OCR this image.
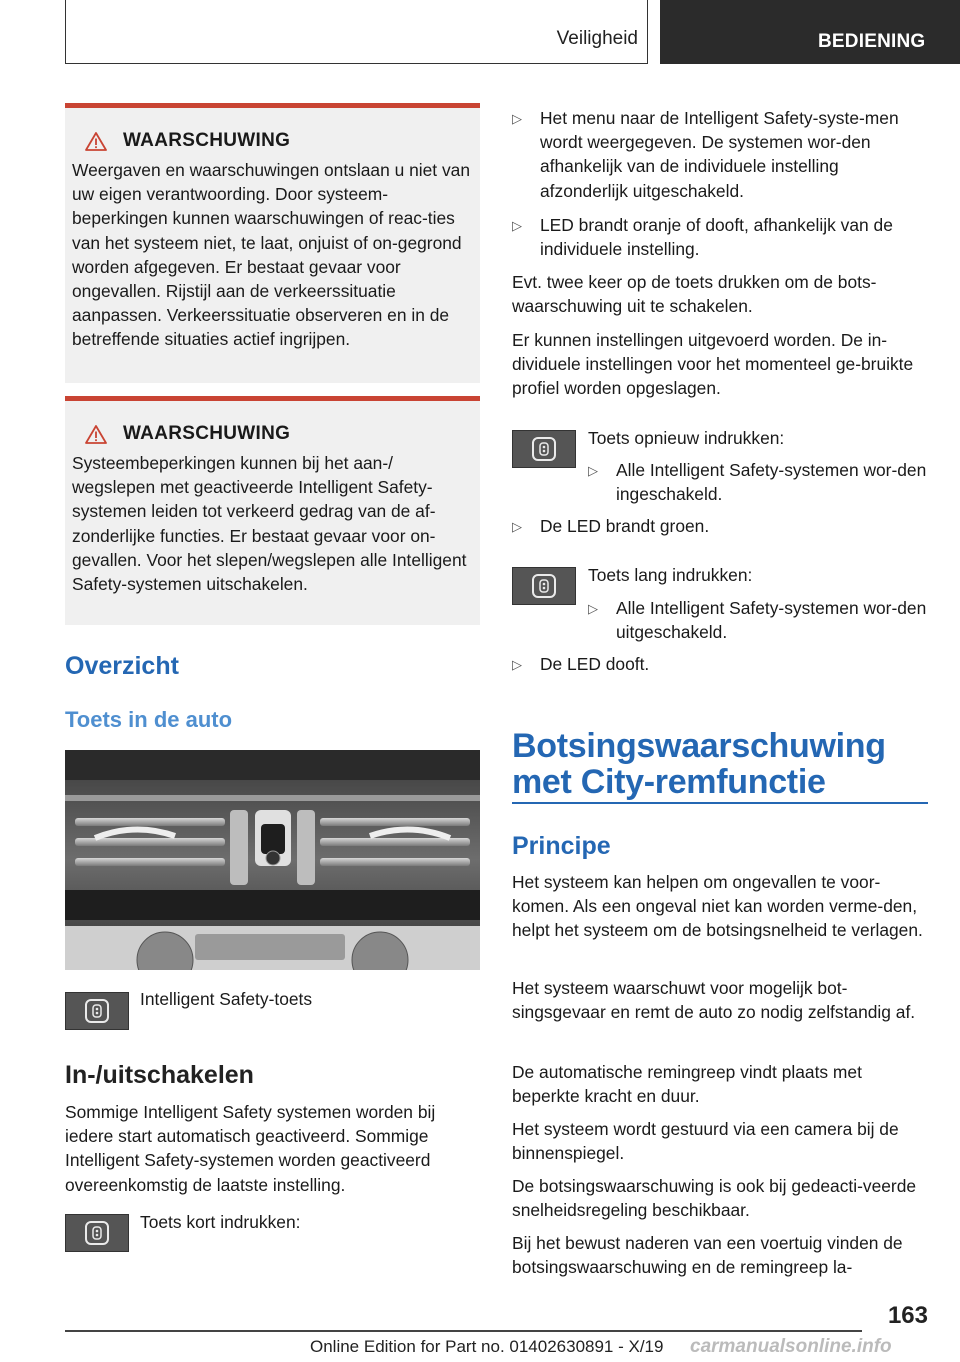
Veiligheid	BEDIENING
WAARSCHUWING
Weergaven en waarschuwingen ontslaan u niet van uw eigen verantwoording. Door systeem-beperkingen kunnen waarschuwingen of reac-ties van het systeem niet, te laat, onjuist of on-gegrond worden afgegeven. Er bestaat gevaar voor ongevallen. Rijstijl aan de verkeerssituatie aanpassen. Verkeerssituatie observeren en in de betreffende situaties actief ingrijpen.
WAARSCHUWING
Systeembeperkingen kunnen bij het aan-/ wegslepen met geactiveerde Intelligent Safety-systemen leiden tot verkeerd gedrag van de af-zonderlijke functies. Er bestaat gevaar voor on-gevallen. Voor het slepen/wegslepen alle Intelligent Safety-systemen uitschakelen.
Overzicht
Toets in de auto
Intelligent Safety-toets
In-/uitschakelen

Sommige Intelligent Safety systemen worden bij iedere start automatisch geactiveerd. Sommige Intelligent Safety-systemen worden geactiveerd overeenkomstig de laatste instelling.

Toets kort indrukken:
▷	Het menu naar de Intelligent Safety-syste-men wordt weergegeven. De systemen wor-den afhankelijk van de individuele instelling afzonderlijk uitgeschakeld.
▷	LED brandt oranje of dooft, afhankelijk van de individuele instelling.

Evt. twee keer op de toets drukken om de bots-waarschuwing uit te schakelen.

Er kunnen instellingen uitgevoerd worden. De in-dividuele instellingen voor het momenteel ge-bruikte profiel worden opgeslagen.

Toets opnieuw indrukken:
▷	Alle Intelligent Safety-systemen wor-den ingeschakeld.
▷	De LED brandt groen.
Toets lang indrukken:
▷	Alle Intelligent Safety-systemen wor-den uitgeschakeld.
▷	De LED dooft.
Botsingswaarschuwing met City-remfunctie
Principe

Het systeem kan helpen om ongevallen te voor-komen. Als een ongeval niet kan worden verme-den, helpt het systeem om de botsingsnelheid te verlagen.

Het systeem waarschuwt voor mogelijk bot-singsgevaar en remt de auto zo nodig zelfstandig af.

De automatische remingreep vindt plaats met beperkte kracht en duur.

Het systeem wordt gestuurd via een camera bij de binnenspiegel.

De botsingswaarschuwing is ook bij gedeacti-veerde snelheidsregeling beschikbaar.

Bij het bewust naderen van een voertuig vinden de botsingswaarschuwing en de remingreep la-

163
Online Edition for Part no. 01402630891 - X/19 carmanualsonline.info
